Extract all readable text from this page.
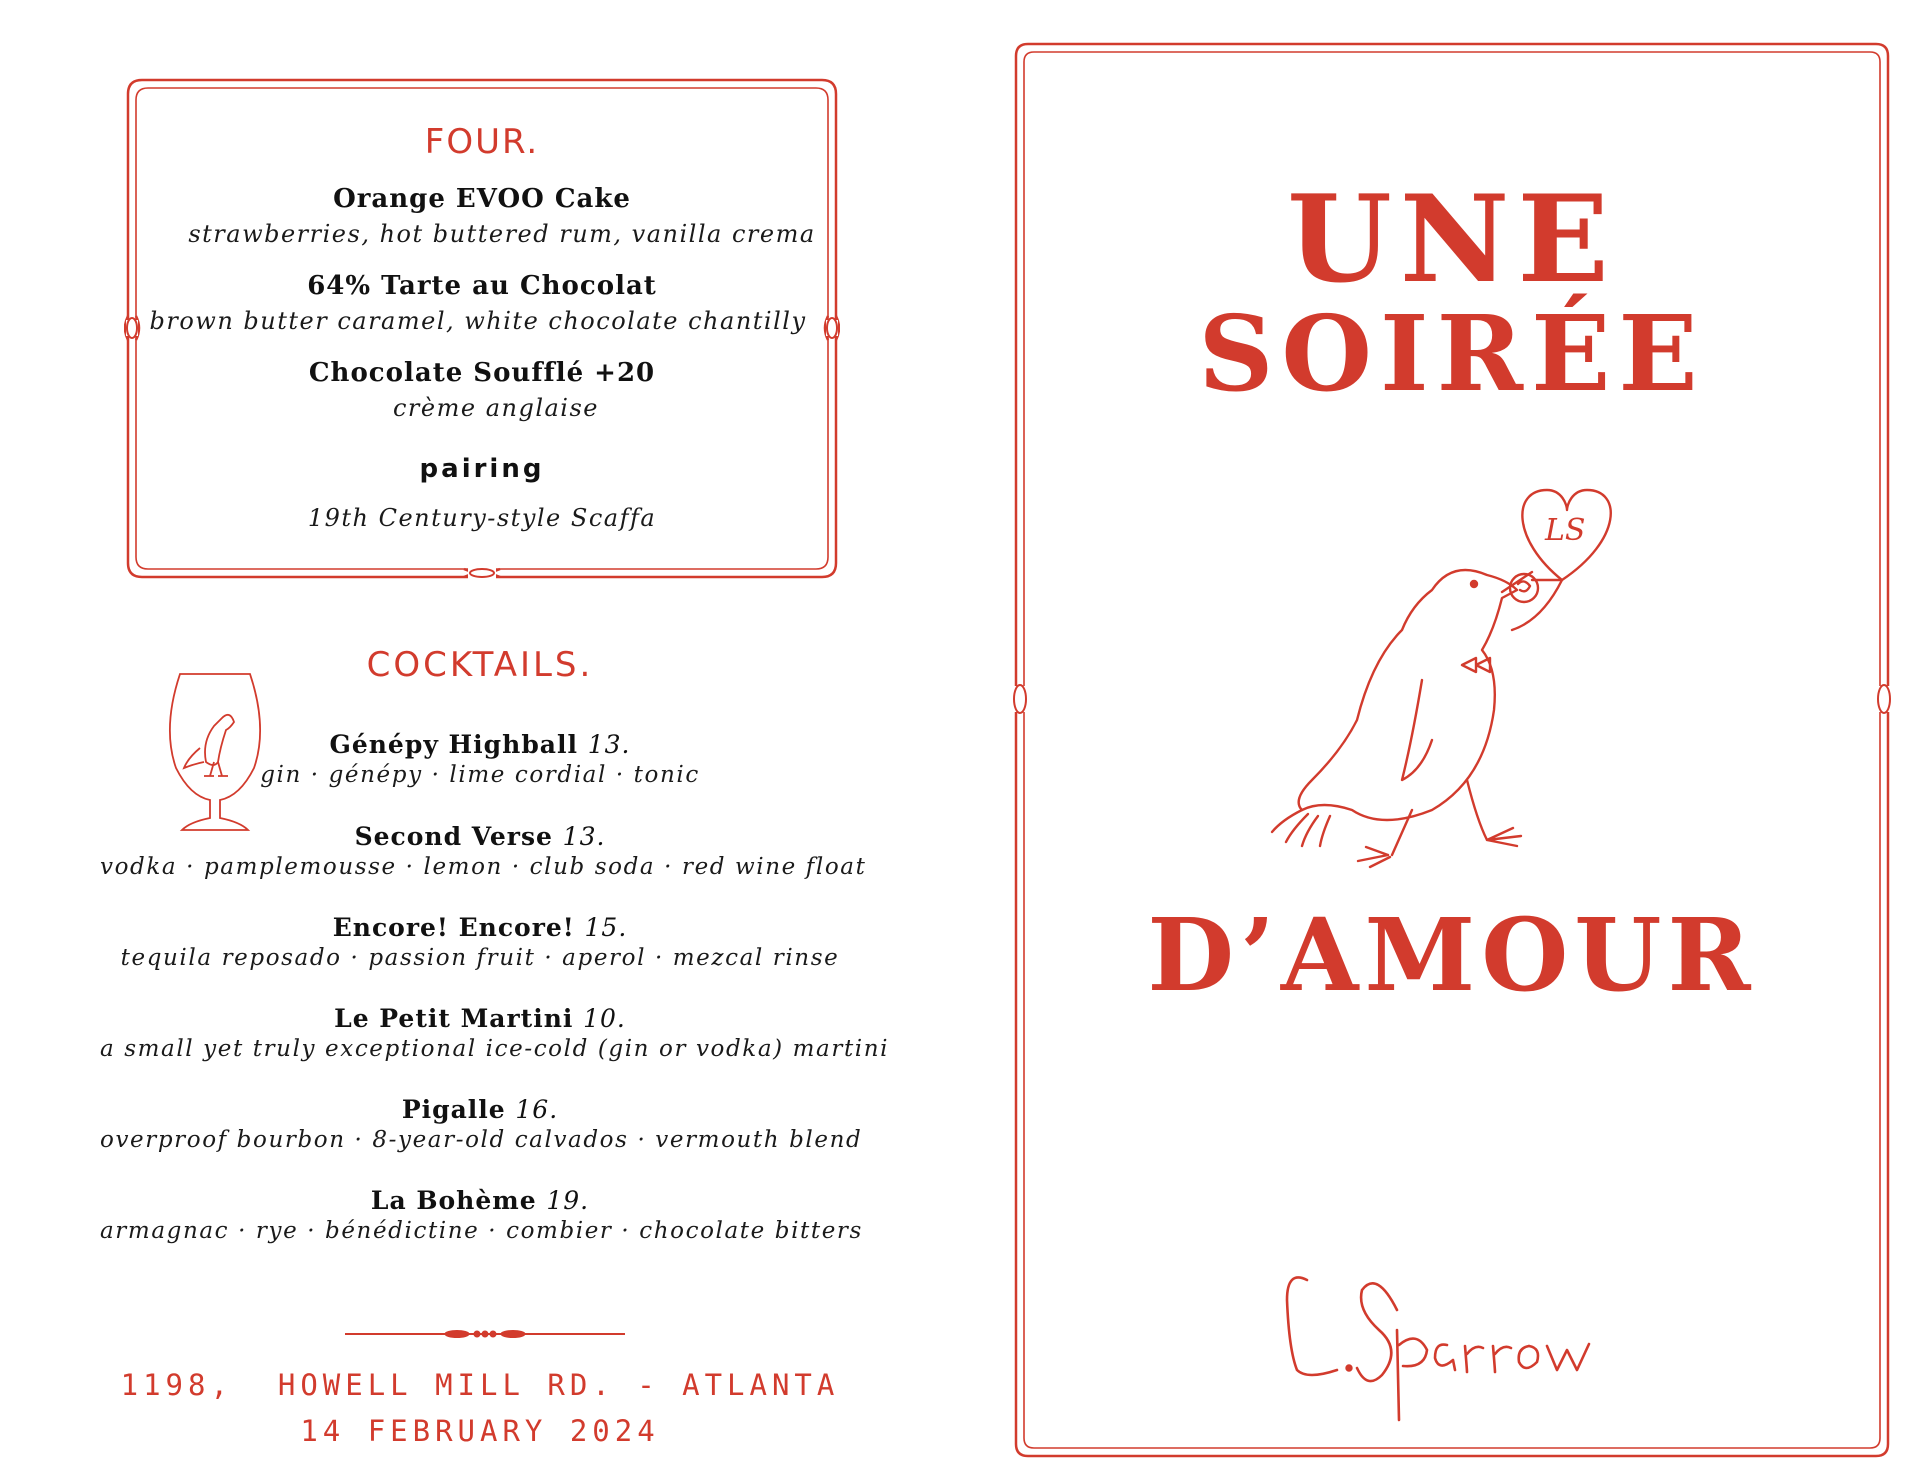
FOUR.
Orange EVOO Cake
strawberries, hot buttered rum, vanilla crema
64% Tarte au Chocolat
brown butter caramel, white chocolate chantilly
Chocolate Soufflé +20
crème anglaise
pairing
19th Century-style Scaffa
COCKTAILS.
Génépy Highball 13.
gin · génépy · lime cordial · tonic
Second Verse 13.
vodka · pamplemousse · lemon · club soda · red wine float
Encore! Encore! 15.
tequila reposado · passion fruit · aperol · mezcal rinse
Le Petit Martini 10.
a small yet truly exceptional ice-cold (gin or vodka) martini
Pigalle 16.
overproof bourbon · 8-year-old calvados · vermouth blend
La Bohème 19.
armagnac · rye · bénédictine · combier · chocolate bitters
1198,  HOWELL MILL RD. - ATLANTA
14 FEBRUARY 2024
UNE
SOIRÉE
LS
D’AMOUR
